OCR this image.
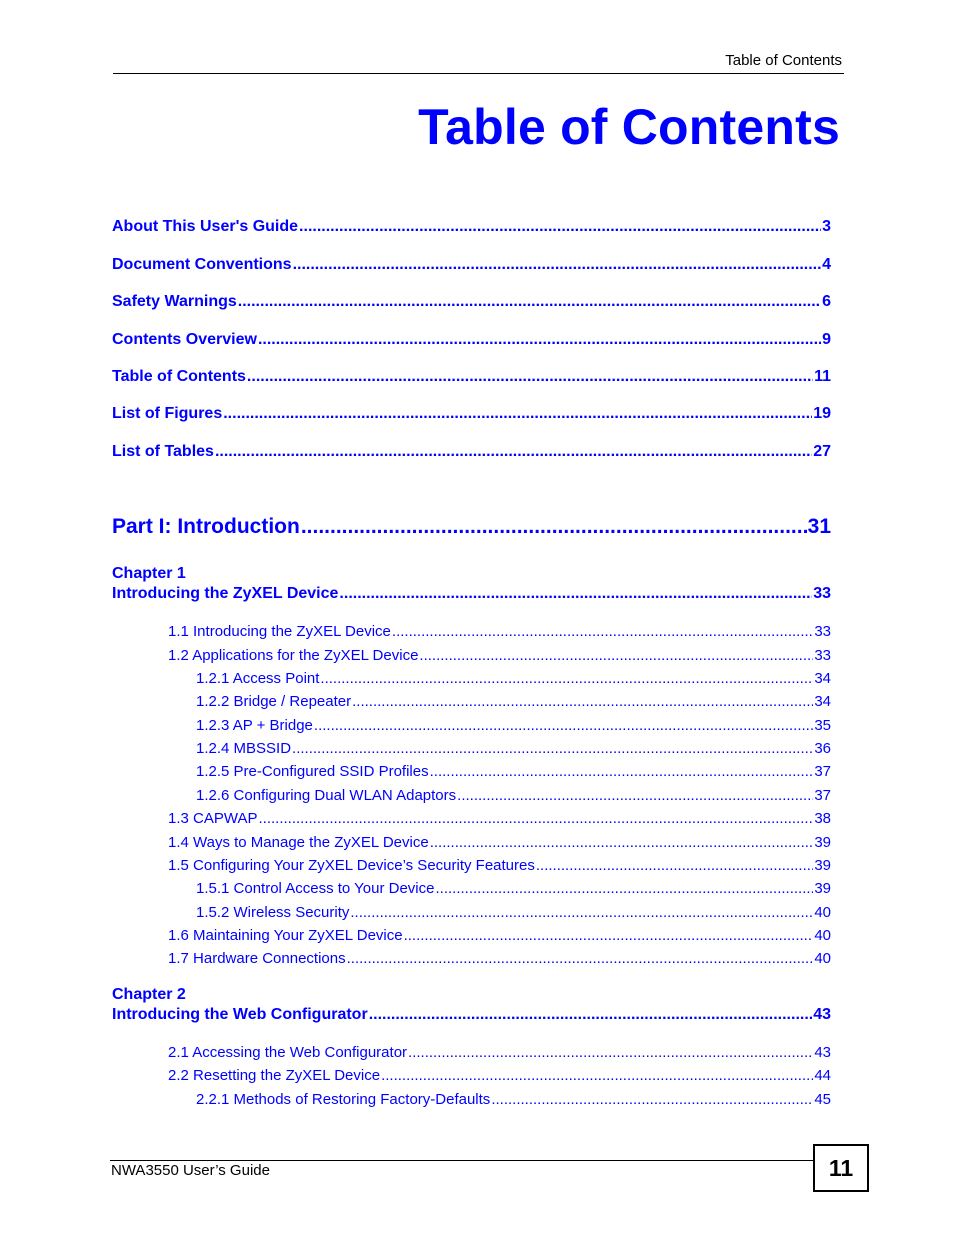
Table of Contents
Table of Contents
About This User's Guide .....	3
Document Conventions .....	4
Safety Warnings .....	6
Contents Overview .....	9
Table of Contents .....	11
List of Figures .....	19
List of Tables .....	27
Part I: Introduction .....	31
Chapter 1
Introducing the ZyXEL Device .....	33
1.1 Introducing the ZyXEL Device .....	33
1.2 Applications for the ZyXEL Device .....	33
1.2.1 Access Point .....	34
1.2.2 Bridge / Repeater .....	34
1.2.3 AP + Bridge .....	35
1.2.4 MBSSID .....	36
1.2.5 Pre-Configured SSID Profiles .....	37
1.2.6 Configuring Dual WLAN Adaptors .....	37
1.3 CAPWAP .....	38
1.4 Ways to Manage the ZyXEL Device .....	39
1.5 Configuring Your ZyXEL Device’s Security Features .....	39
1.5.1 Control Access to Your Device .....	39
1.5.2 Wireless Security .....	40
1.6 Maintaining Your ZyXEL Device .....	40
1.7 Hardware Connections .....	40
Chapter 2
Introducing the Web Configurator .....	43
2.1 Accessing the Web Configurator .....	43
2.2 Resetting the ZyXEL Device .....	44
2.2.1 Methods of Restoring Factory-Defaults .....	45
NWA3550 User’s Guide	11
